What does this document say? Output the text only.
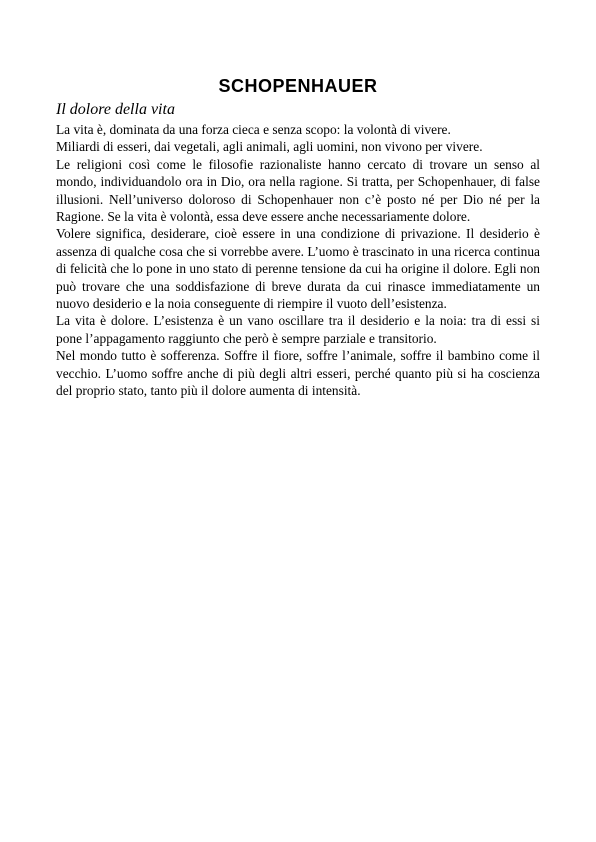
SCHOPENHAUER
Il dolore della vita

La vita è, dominata da una forza cieca e senza scopo: la volontà di vivere.

Miliardi di esseri, dai vegetali, agli animali, agli uomini, non vivono per vivere.

Le religioni così come le filosofie razionaliste hanno cercato di trovare un senso al mondo, individuandolo ora in Dio, ora nella ragione. Si tratta, per Schopenhauer, di false illusioni. Nell’universo doloroso di Schopenhauer non c’è posto né per Dio né per la Ragione. Se la vita è volontà, essa deve essere anche necessariamente dolore.

Volere significa, desiderare, cioè essere in una condizione di privazione. Il desiderio è assenza di qualche cosa che si vorrebbe avere. L’uomo è trascinato in una ricerca continua di felicità che lo pone in uno stato di perenne tensione da cui ha origine il dolore. Egli non può trovare che una soddisfazione di breve durata da cui rinasce immediatamente un nuovo desiderio e la noia conseguente di riempire il vuoto dell’esistenza.

La vita è dolore. L’esistenza è un vano oscillare tra il desiderio e la noia: tra di essi si pone l’appagamento raggiunto che però è sempre parziale e transitorio.

Nel mondo tutto è sofferenza. Soffre il fiore, soffre l’animale, soffre il bambino come il vecchio. L’uomo soffre anche di più degli altri esseri, perché quanto più si ha coscienza del proprio stato, tanto più il dolore aumenta di intensità.
